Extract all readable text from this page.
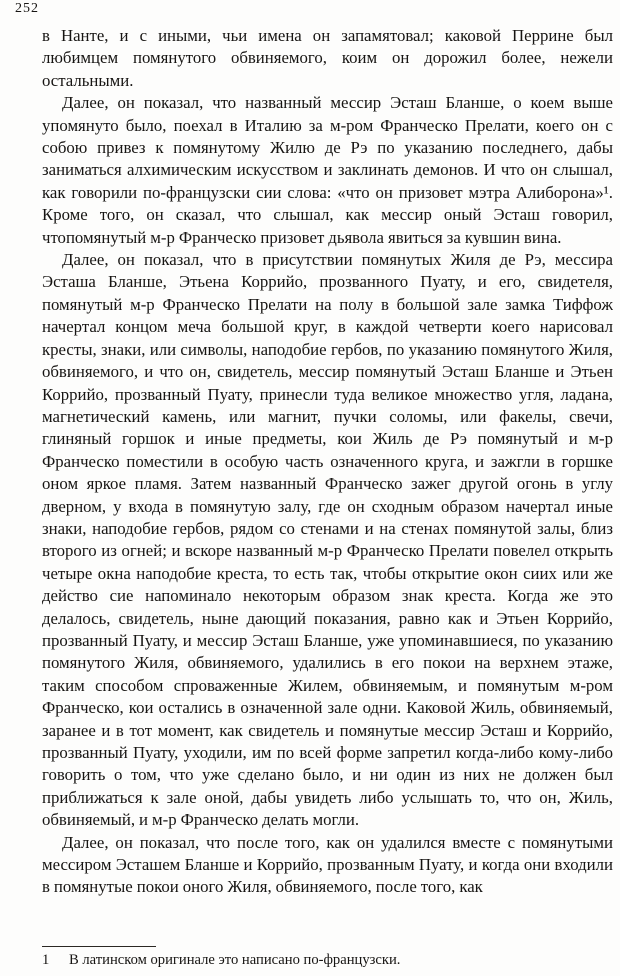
252

в Нанте, и с иными, чьи имена он запамятовал; каковой Перрине был любимцем помянутого обвиняемого, коим он дорожил более, нежели остальными.

Далее, он показал, что названный мессир Эсташ Бланше, о коем выше упомянуто было, поехал в Италию за м-ром Франческо Прелати, коего он с собою привез к помянутому Жилю де Рэ по указанию последнего, дабы заниматься алхимическим искусством и заклинать демонов. И что он слышал, как говорили по-французски сии слова: «что он призовет мэтра Алиборона»¹. Кроме того, он сказал, что слышал, как мессир оный Эсташ говорил, чтопомянутый м-р Франческо призовет дьявола явиться за кувшин вина.

Далее, он показал, что в присутствии помянутых Жиля де Рэ, мессира Эсташа Бланше, Этьена Коррийо, прозванного Пуату, и его, свидетеля, помянутый м-р Франческо Прелати на полу в большой зале замка Тиффож начертал концом меча большой круг, в каждой четверти коего нарисовал кресты, знаки, или символы, наподобие гербов, по указанию помянутого Жиля, обвиняемого, и что он, свидетель, мессир помянутый Эсташ Бланше и Этьен Коррийо, прозванный Пуату, принесли туда великое множество угля, ладана, магнетический камень, или магнит, пучки соломы, или факелы, свечи, глиняный горшок и иные предметы, кои Жиль де Рэ помянутый и м-р Франческо поместили в особую часть означенного круга, и зажгли в горшке оном яркое пламя. Затем названный Франческо зажег другой огонь в углу дверном, у входа в помянутую залу, где он сходным образом начертал иные знаки, наподобие гербов, рядом со стенами и на стенах помянутой залы, близ второго из огней; и вскоре названный м-р Франческо Прелати повелел открыть четыре окна наподобие креста, то есть так, чтобы открытие окон сиих или же действо сие напоминало некоторым образом знак креста. Когда же это делалось, свидетель, ныне дающий показания, равно как и Этьен Коррийо, прозванный Пуату, и мессир Эсташ Бланше, уже упоминавшиеся, по указанию помянутого Жиля, обвиняемого, удалились в его покои на верхнем этаже, таким способом спроваженные Жилем, обвиняемым, и помянутым м-ром Франческо, кои остались в означенной зале одни. Каковой Жиль, обвиняемый, заранее и в тот момент, как свидетель и помянутые мессир Эсташ и Коррийо, прозванный Пуату, уходили, им по всей форме запретил когда-либо кому-либо говорить о том, что уже сделано было, и ни один из них не должен был приближаться к зале оной, дабы увидеть либо услышать то, что он, Жиль, обвиняемый, и м-р Франческо делать могли.

Далее, он показал, что после того, как он удалился вместе с помянутыми мессиром Эсташем Бланше и Коррийо, прозванным Пуату, и когда они входили в помянутые покои оного Жиля, обвиняемого, после того, как

1	В латинском оригинале это написано по-французски.
